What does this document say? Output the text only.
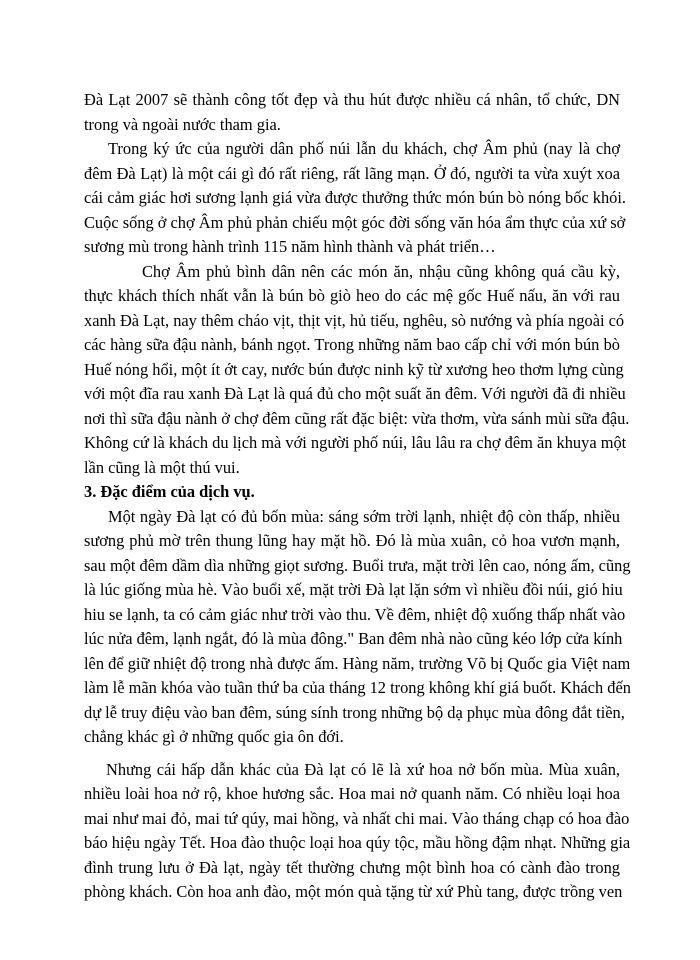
Đà Lạt 2007 sẽ thành công tốt đẹp và thu hút được nhiều cá nhân, tổ chức, DN
trong và ngoài nước tham gia.
Trong ký ức của người dân phố núi lẫn du khách, chợ Âm phủ (nay là chợ
đêm Đà Lạt) là một cái gì đó rất riêng, rất lãng mạn. Ở đó, người ta vừa xuýt xoa
cái cảm giác hơi sương lạnh giá vừa được thưởng thức món bún bò nóng bốc khói.
Cuộc sống ở chợ Âm phủ phản chiếu một góc đời sống văn hóa ẩm thực của xứ sở
sương mù trong hành trình 115 năm hình thành và phát triển…
Chợ Âm phủ bình dân nên các món ăn, nhậu cũng không quá cầu kỳ,
thực khách thích nhất vẫn là bún bò giò heo do các mệ gốc Huế nấu, ăn với rau
xanh Đà Lạt, nay thêm cháo vịt, thịt vịt, hủ tiếu, nghêu, sò nướng và phía ngoài có
các hàng sữa đậu nành, bánh ngọt. Trong những năm bao cấp chỉ với món bún bò
Huế nóng hổi, một ít ớt cay, nước bún được ninh kỹ từ xương heo thơm lựng cùng
với một đĩa rau xanh Đà Lạt là quá đủ cho một suất ăn đêm. Với người đã đi nhiều
nơi thì sữa đậu nành ở chợ đêm cũng rất đặc biệt: vừa thơm, vừa sánh mùi sữa đậu.
Không cứ là khách du lịch mà với người phố núi, lâu lâu ra chợ đêm ăn khuya một
lần cũng là một thú vui.
3. Đặc điểm của dịch vụ.
Một ngày Đà lạt có đủ bốn mùa: sáng sớm trời lạnh, nhiệt độ còn thấp, nhiều
sương phủ mờ trên thung lũng hay mặt hồ. Đó là mùa xuân, cỏ hoa vươn mạnh,
sau một đêm dầm dìa những giọt sương. Buổi trưa, mặt trời lên cao, nóng ấm, cũng
là lúc giống mùa hè. Vào buổi xế, mặt trời Đà lạt lặn sớm vì nhiều đồi núi, gió hiu
hiu se lạnh, ta có cảm giác như trời vào thu. Về đêm, nhiệt độ xuống thấp nhất vào
lúc nửa đêm, lạnh ngắt, đó là mùa đông." Ban đêm nhà nào cũng kéo lớp cửa kính
lên để giữ nhiệt độ trong nhà được ấm. Hàng năm, trường Võ bị Quốc gia Việt nam
làm lễ mãn khóa vào tuần thứ ba của tháng 12 trong không khí giá buốt. Khách đến
dự lễ truy điệu vào ban đêm, súng sính trong những bộ dạ phục mùa đông đắt tiền,
chẳng khác gì ở những quốc gia ôn đới.
Nhưng cái hấp dẫn khác của Đà lạt có lẽ là xứ hoa nở bốn mùa. Mùa xuân,
nhiều loài hoa nở rộ, khoe hương sắc. Hoa mai nở quanh năm. Có nhiều loại hoa
mai như mai đỏ, mai tứ qúy, mai hồng, và nhất chi mai. Vào tháng chạp có hoa đào
báo hiệu ngày Tết. Hoa đào thuộc loại hoa qúy tộc, mầu hồng đậm nhạt. Những gia
đình trung lưu ở Đà lạt, ngày tết thường chưng một bình hoa có cành đào trong
phòng khách. Còn hoa anh đào, một món quà tặng từ xứ Phù tang, được trồng ven
